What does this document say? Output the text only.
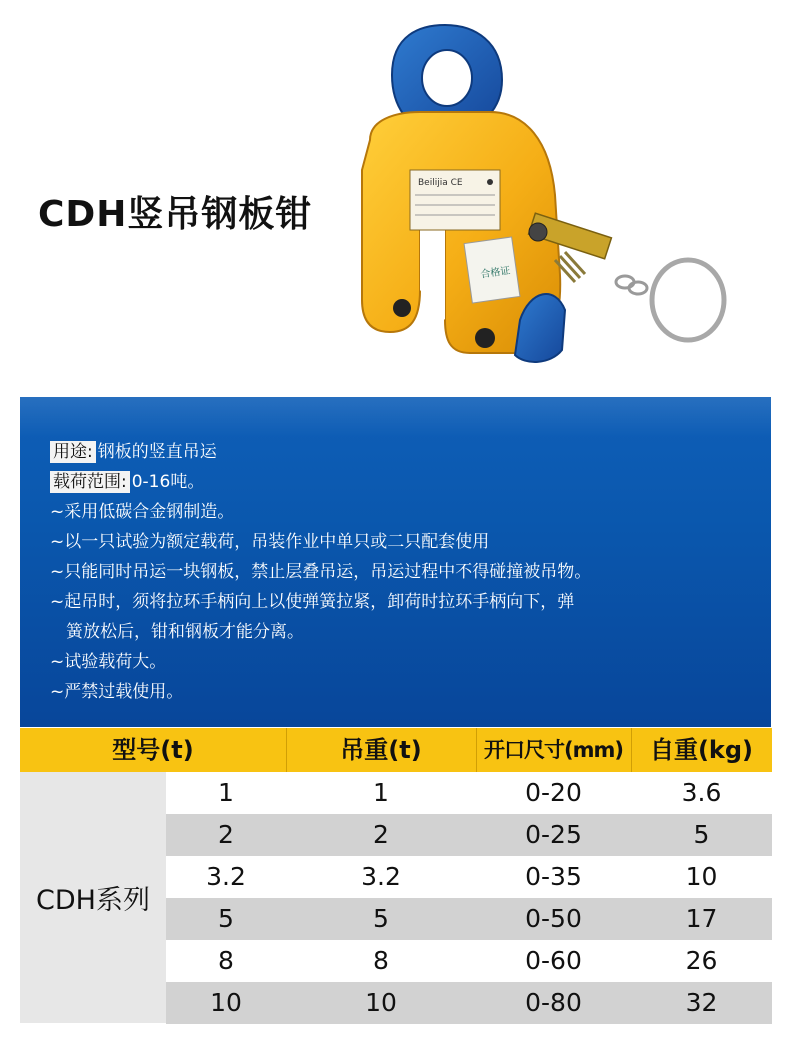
CDH竖吊钢板钳
Beilijia CE
合格证
用途: 钢板的竖直吊运
载荷范围: 0-16吨。
~采用低碳合金钢制造。
~以一只试验为额定载荷，吊装作业中单只或二只配套使用
~只能同时吊运一块钢板，禁止层叠吊运，吊运过程中不得碰撞被吊物。
~起吊时，须将拉环手柄向上以使弹簧拉紧，卸荷时拉环手柄向下，弹
簧放松后，钳和钢板才能分离。
~试验载荷大。
~严禁过载使用。
型号(t)	吊重(t)	开口尺寸(mm)	自重(kg)
CDH系列
1	1	0-20	3.6
2	2	0-25	5
3.2	3.2	0-35	10
5	5	0-50	17
8	8	0-60	26
10	10	0-80	32
